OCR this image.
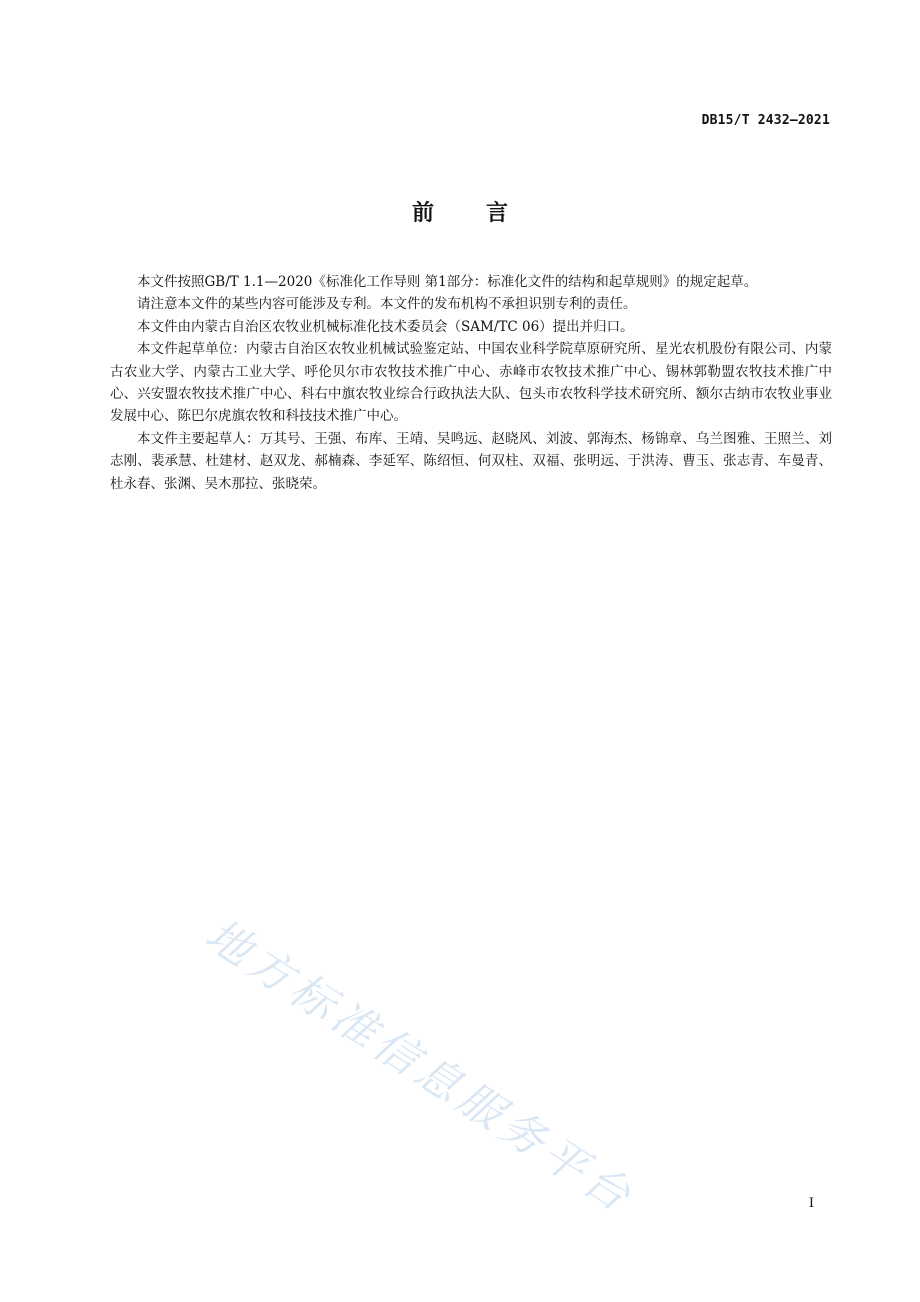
DB15/T 2432—2021
前言

本文件按照GB/T 1.1—2020《标准化工作导则 第1部分：标准化文件的结构和起草规则》的规定起草。

请注意本文件的某些内容可能涉及专利。本文件的发布机构不承担识别专利的责任。

本文件由内蒙古自治区农牧业机械标准化技术委员会（SAM/TC 06）提出并归口。

本文件起草单位：内蒙古自治区农牧业机械试验鉴定站、中国农业科学院草原研究所、星光农机股份有限公司、内蒙古农业大学、内蒙古工业大学、呼伦贝尔市农牧技术推广中心、赤峰市农牧技术推广中心、锡林郭勒盟农牧技术推广中心、兴安盟农牧技术推广中心、科右中旗农牧业综合行政执法大队、包头市农牧科学技术研究所、额尔古纳市农牧业事业发展中心、陈巴尔虎旗农牧和科技技术推广中心。

本文件主要起草人：万其号、王强、布库、王靖、吴鸣远、赵晓风、刘波、郭海杰、杨锦章、乌兰图雅、王照兰、刘志刚、裴承慧、杜建材、赵双龙、郝楠森、李延军、陈绍恒、何双柱、双福、张明远、于洪涛、曹玉、张志青、车曼青、杜永春、张渊、吴木那拉、张晓荣。

地方标准信息服务平台	I
